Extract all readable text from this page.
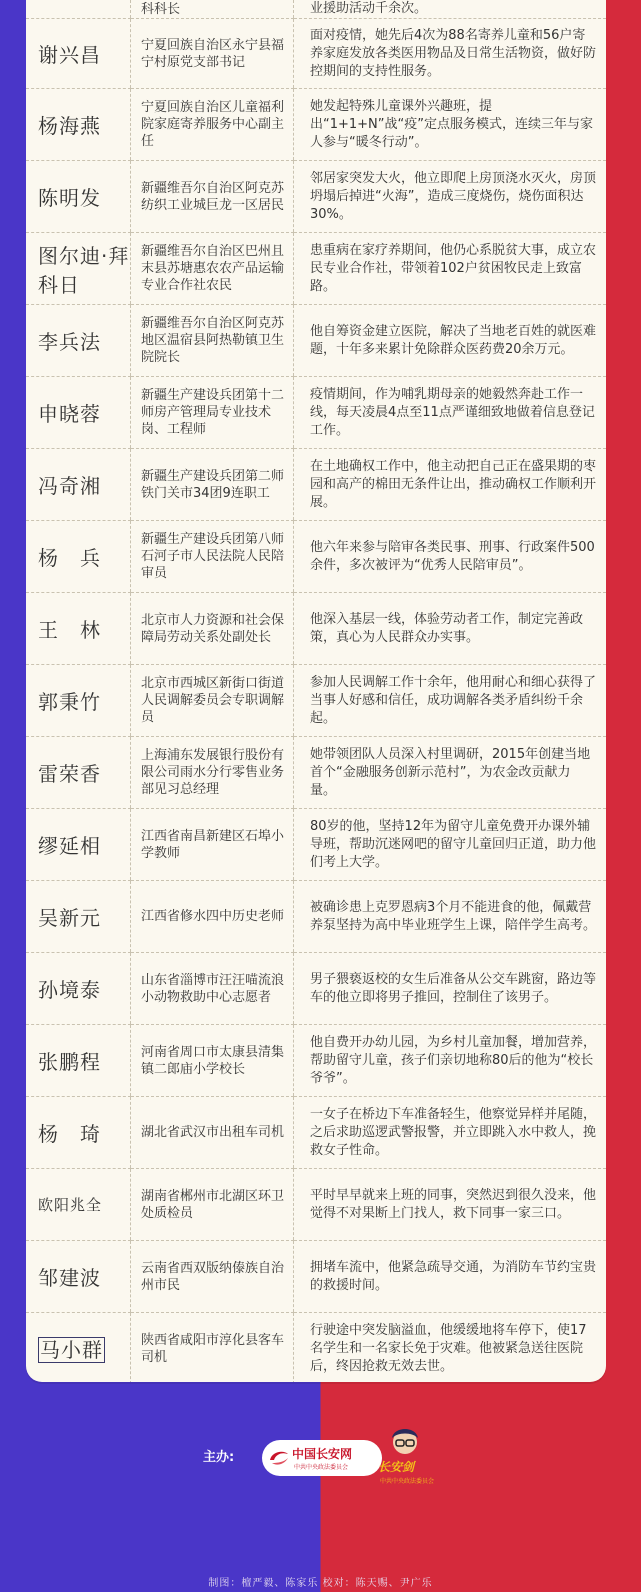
	科科长	业援助活动千余次。
谢兴昌	宁夏回族自治区永宁县福宁村原党支部书记	面对疫情，她先后4次为88名寄养儿童和56户寄养家庭发放各类医用物品及日常生活物资，做好防控期间的支持性服务。
杨海燕	宁夏回族自治区儿童福利院家庭寄养服务中心副主任	她发起特殊儿童课外兴趣班，提出“1+1+N”战“疫”定点服务模式，连续三年与家人参与“暖冬行动”。
陈明发	新疆维吾尔自治区阿克苏纺织工业城巨龙一区居民	邻居家突发大火，他立即爬上房顶浇水灭火，房顶坍塌后掉进“火海”，造成三度烧伤，烧伤面积达30%。
图尔迪·拜科日	新疆维吾尔自治区巴州且末县苏塘惠农农产品运输专业合作社农民	患重病在家疗养期间，他仍心系脱贫大事，成立农民专业合作社，带领着102户贫困牧民走上致富路。
李兵法	新疆维吾尔自治区阿克苏地区温宿县阿热勒镇卫生院院长	他自筹资金建立医院，解决了当地老百姓的就医难题，十年多来累计免除群众医药费20余万元。
申晓蓉	新疆生产建设兵团第十二师房产管理局专业技术岗、工程师	疫情期间，作为哺乳期母亲的她毅然奔赴工作一线，每天凌晨4点至11点严谨细致地做着信息登记工作。
冯奇湘	新疆生产建设兵团第二师铁门关市34团9连职工	在土地确权工作中，他主动把自己正在盛果期的枣园和高产的棉田无条件让出，推动确权工作顺利开展。
杨　兵	新疆生产建设兵团第八师石河子市人民法院人民陪审员	他六年来参与陪审各类民事、刑事、行政案件500余件，多次被评为“优秀人民陪审员”。
王　林	北京市人力资源和社会保障局劳动关系处副处长	他深入基层一线，体验劳动者工作，制定完善政策，真心为人民群众办实事。
郭秉竹	北京市西城区新街口街道人民调解委员会专职调解员	参加人民调解工作十余年，他用耐心和细心获得了当事人好感和信任，成功调解各类矛盾纠纷千余起。
雷荣香	上海浦东发展银行股份有限公司雨水分行零售业务部见习总经理	她带领团队人员深入村里调研，2015年创建当地首个“金融服务创新示范村”，为农金改贡献力量。
缪延相	江西省南昌新建区石埠小学教师	80岁的他，坚持12年为留守儿童免费开办课外辅导班，帮助沉迷网吧的留守儿童回归正道，助力他们考上大学。
吴新元	江西省修水四中历史老师	被确诊患上克罗恩病3个月不能进食的他，佩戴营养泵坚持为高中毕业班学生上课，陪伴学生高考。
孙境泰	山东省淄博市汪汪喵流浪小动物救助中心志愿者	男子猥亵返校的女生后准备从公交车跳窗，路边等车的他立即将男子推回，控制住了该男子。
张鹏程	河南省周口市太康县清集镇二郎庙小学校长	他自费开办幼儿园，为乡村儿童加餐，增加营养，帮助留守儿童，孩子们亲切地称80后的他为“校长爷爷”。
杨　琦	湖北省武汉市出租车司机	一女子在桥边下车准备轻生，他察觉异样并尾随，之后求助巡逻武警报警，并立即跳入水中救人，挽救女子性命。
欧阳兆全	湖南省郴州市北湖区环卫处质检员	平时早早就来上班的同事，突然迟到很久没来，他觉得不对果断上门找人，救下同事一家三口。
邹建波	云南省西双版纳傣族自治州市民	拥堵车流中，他紧急疏导交通，为消防车节约宝贵的救援时间。
马小群	陕西省咸阳市淳化县客车司机	行驶途中突发脑溢血，他缓缓地将车停下，使17名学生和一名家长免于灾难。他被紧急送往医院后，终因抢救无效去世。

主办:	中国长安网
中共中央政法委员会 长安剑
中共中央政法委员会
制图：檀严毅、陈家乐 校对：陈天赐、尹广乐
